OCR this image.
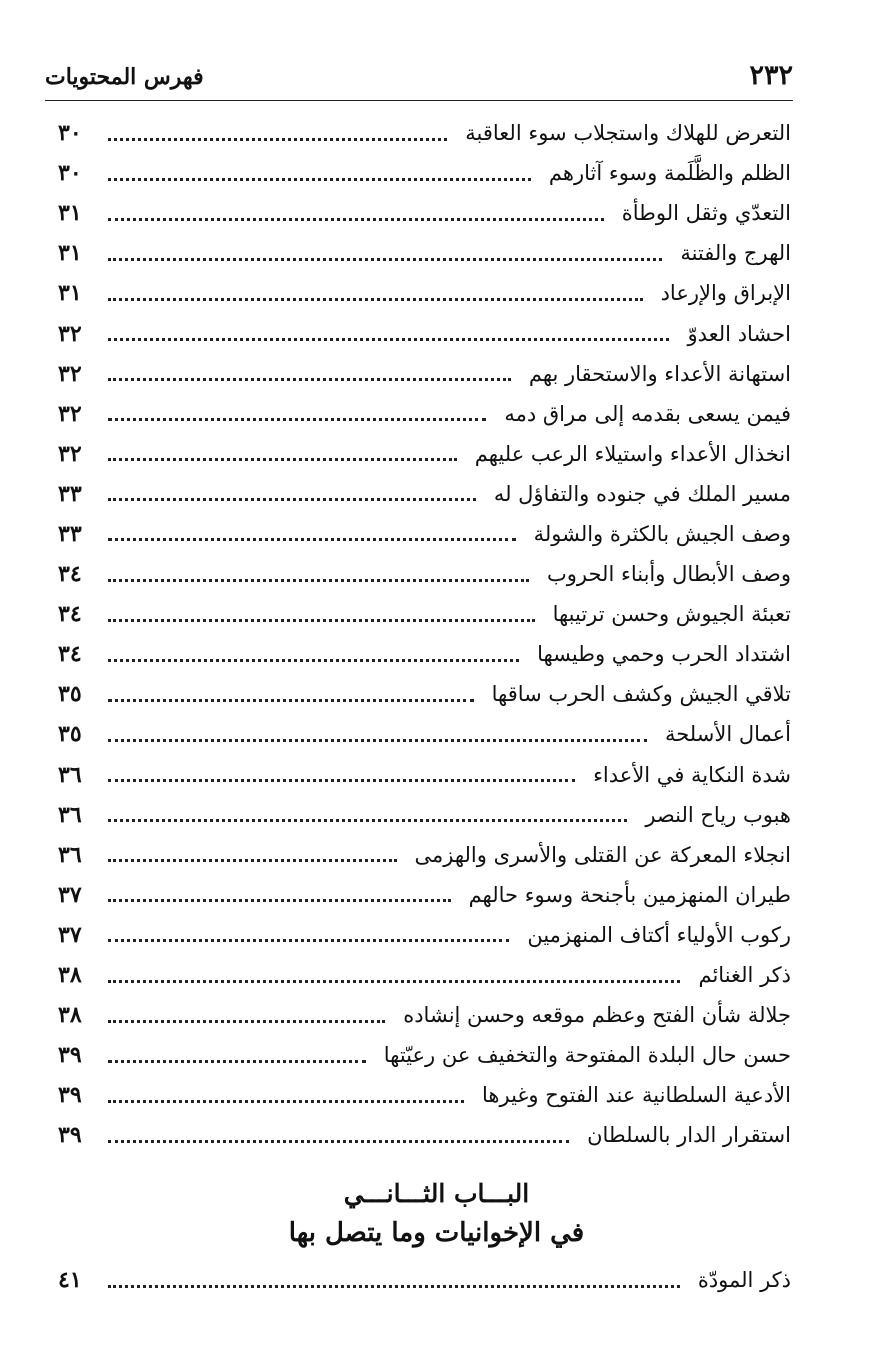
٢٣٢
فهرس المحتويات
٣٠	التعرض للهلاك واستجلاب سوء العاقبة
٣٠	الظلم والظَّلَمة وسوء آثارهم
٣١	التعدّي وثقل الوطأة
٣١	الهرج والفتنة
٣١	الإبراق والإرعاد
٣٢	احشاد العدوّ
٣٢	استهانة الأعداء والاستحقار بهم
٣٢	فيمن يسعى بقدمه إلى مراق دمه
٣٢	انخذال الأعداء واستيلاء الرعب عليهم
٣٣	مسير الملك في جنوده والتفاؤل له
٣٣	وصف الجيش بالكثرة والشولة
٣٤	وصف الأبطال وأبناء الحروب
٣٤	تعبئة الجيوش وحسن ترتيبها
٣٤	اشتداد الحرب وحمي وطيسها
٣٥	تلاقي الجيش وكشف الحرب ساقها
٣٥	أعمال الأسلحة
٣٦	شدة النكاية في الأعداء
٣٦	هبوب رياح النصر
٣٦	انجلاء المعركة عن القتلى والأسرى والهزمى
٣٧	طيران المنهزمين بأجنحة وسوء حالهم
٣٧	ركوب الأولياء أكتاف المنهزمين
٣٨	ذكر الغنائم
٣٨	جلالة شأن الفتح وعظم موقعه وحسن إنشاده
٣٩	حسن حال البلدة المفتوحة والتخفيف عن رعيّتها
٣٩	الأدعية السلطانية عند الفتوح وغيرها
٣٩	استقرار الدار بالسلطان
البـــاب الثـــانـــي
في الإخوانيات وما يتصل بها
٤١	ذكر المودّة
